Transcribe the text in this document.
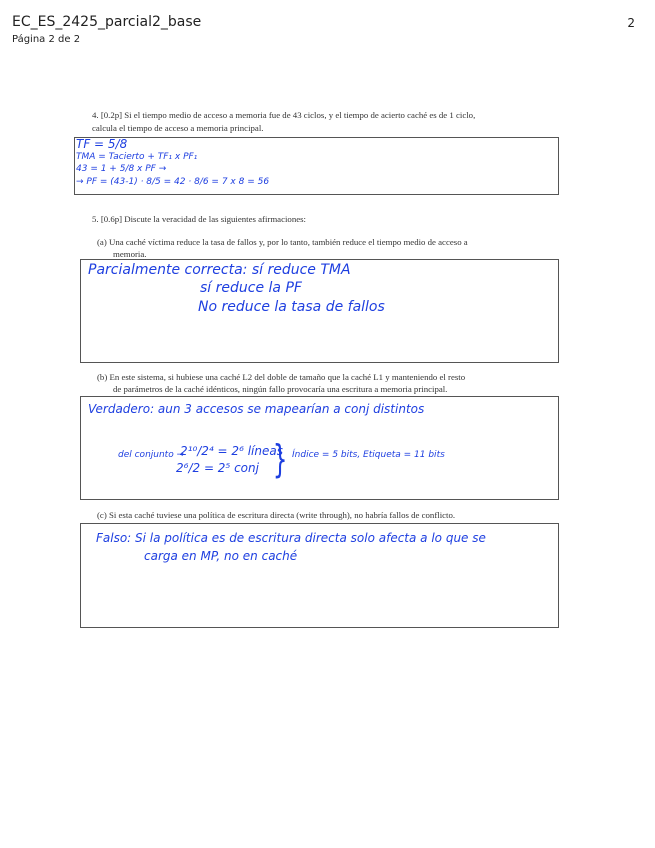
EC_ES_2425_parcial2_base
Página 2 de 2
2
4. [0.2p] Si el tiempo medio de acceso a memoria fue de 43 ciclos, y el tiempo de acierto caché es de 1 ciclo,
calcula el tiempo de acceso a memoria principal.
TF = 5/8
TMA = Tacierto + TF₁ x PF₁
43 = 1 + 5/8 x PF →
→ PF = (43-1) · 8/5 = 42 · 8/6 = 7 x 8 = 56
5. [0.6p] Discute la veracidad de las siguientes afirmaciones:
(a) Una caché víctima reduce la tasa de fallos y, por lo tanto, también reduce el tiempo medio de acceso a
memoria.
Parcialmente correcta: sí reduce TMA
sí reduce la PF
No reduce la tasa de fallos
(b) En este sistema, si hubiese una caché L2 del doble de tamaño que la caché L1 y manteniendo el resto
de parámetros de la caché idénticos, ningún fallo provocaría una escritura a memoria principal.
Verdadero: aun 3 accesos se mapearían a conj distintos
del conjunto →
2¹⁰/2⁴ = 2⁶ líneas
2⁶/2 = 2⁵ conj } Índice = 5 bits, Etiqueta = 11 bits
(c) Si esta caché tuviese una política de escritura directa (write through), no habría fallos de conflicto.
Falso: Si la política es de escritura directa solo afecta a lo que se
carga en MP, no en caché
